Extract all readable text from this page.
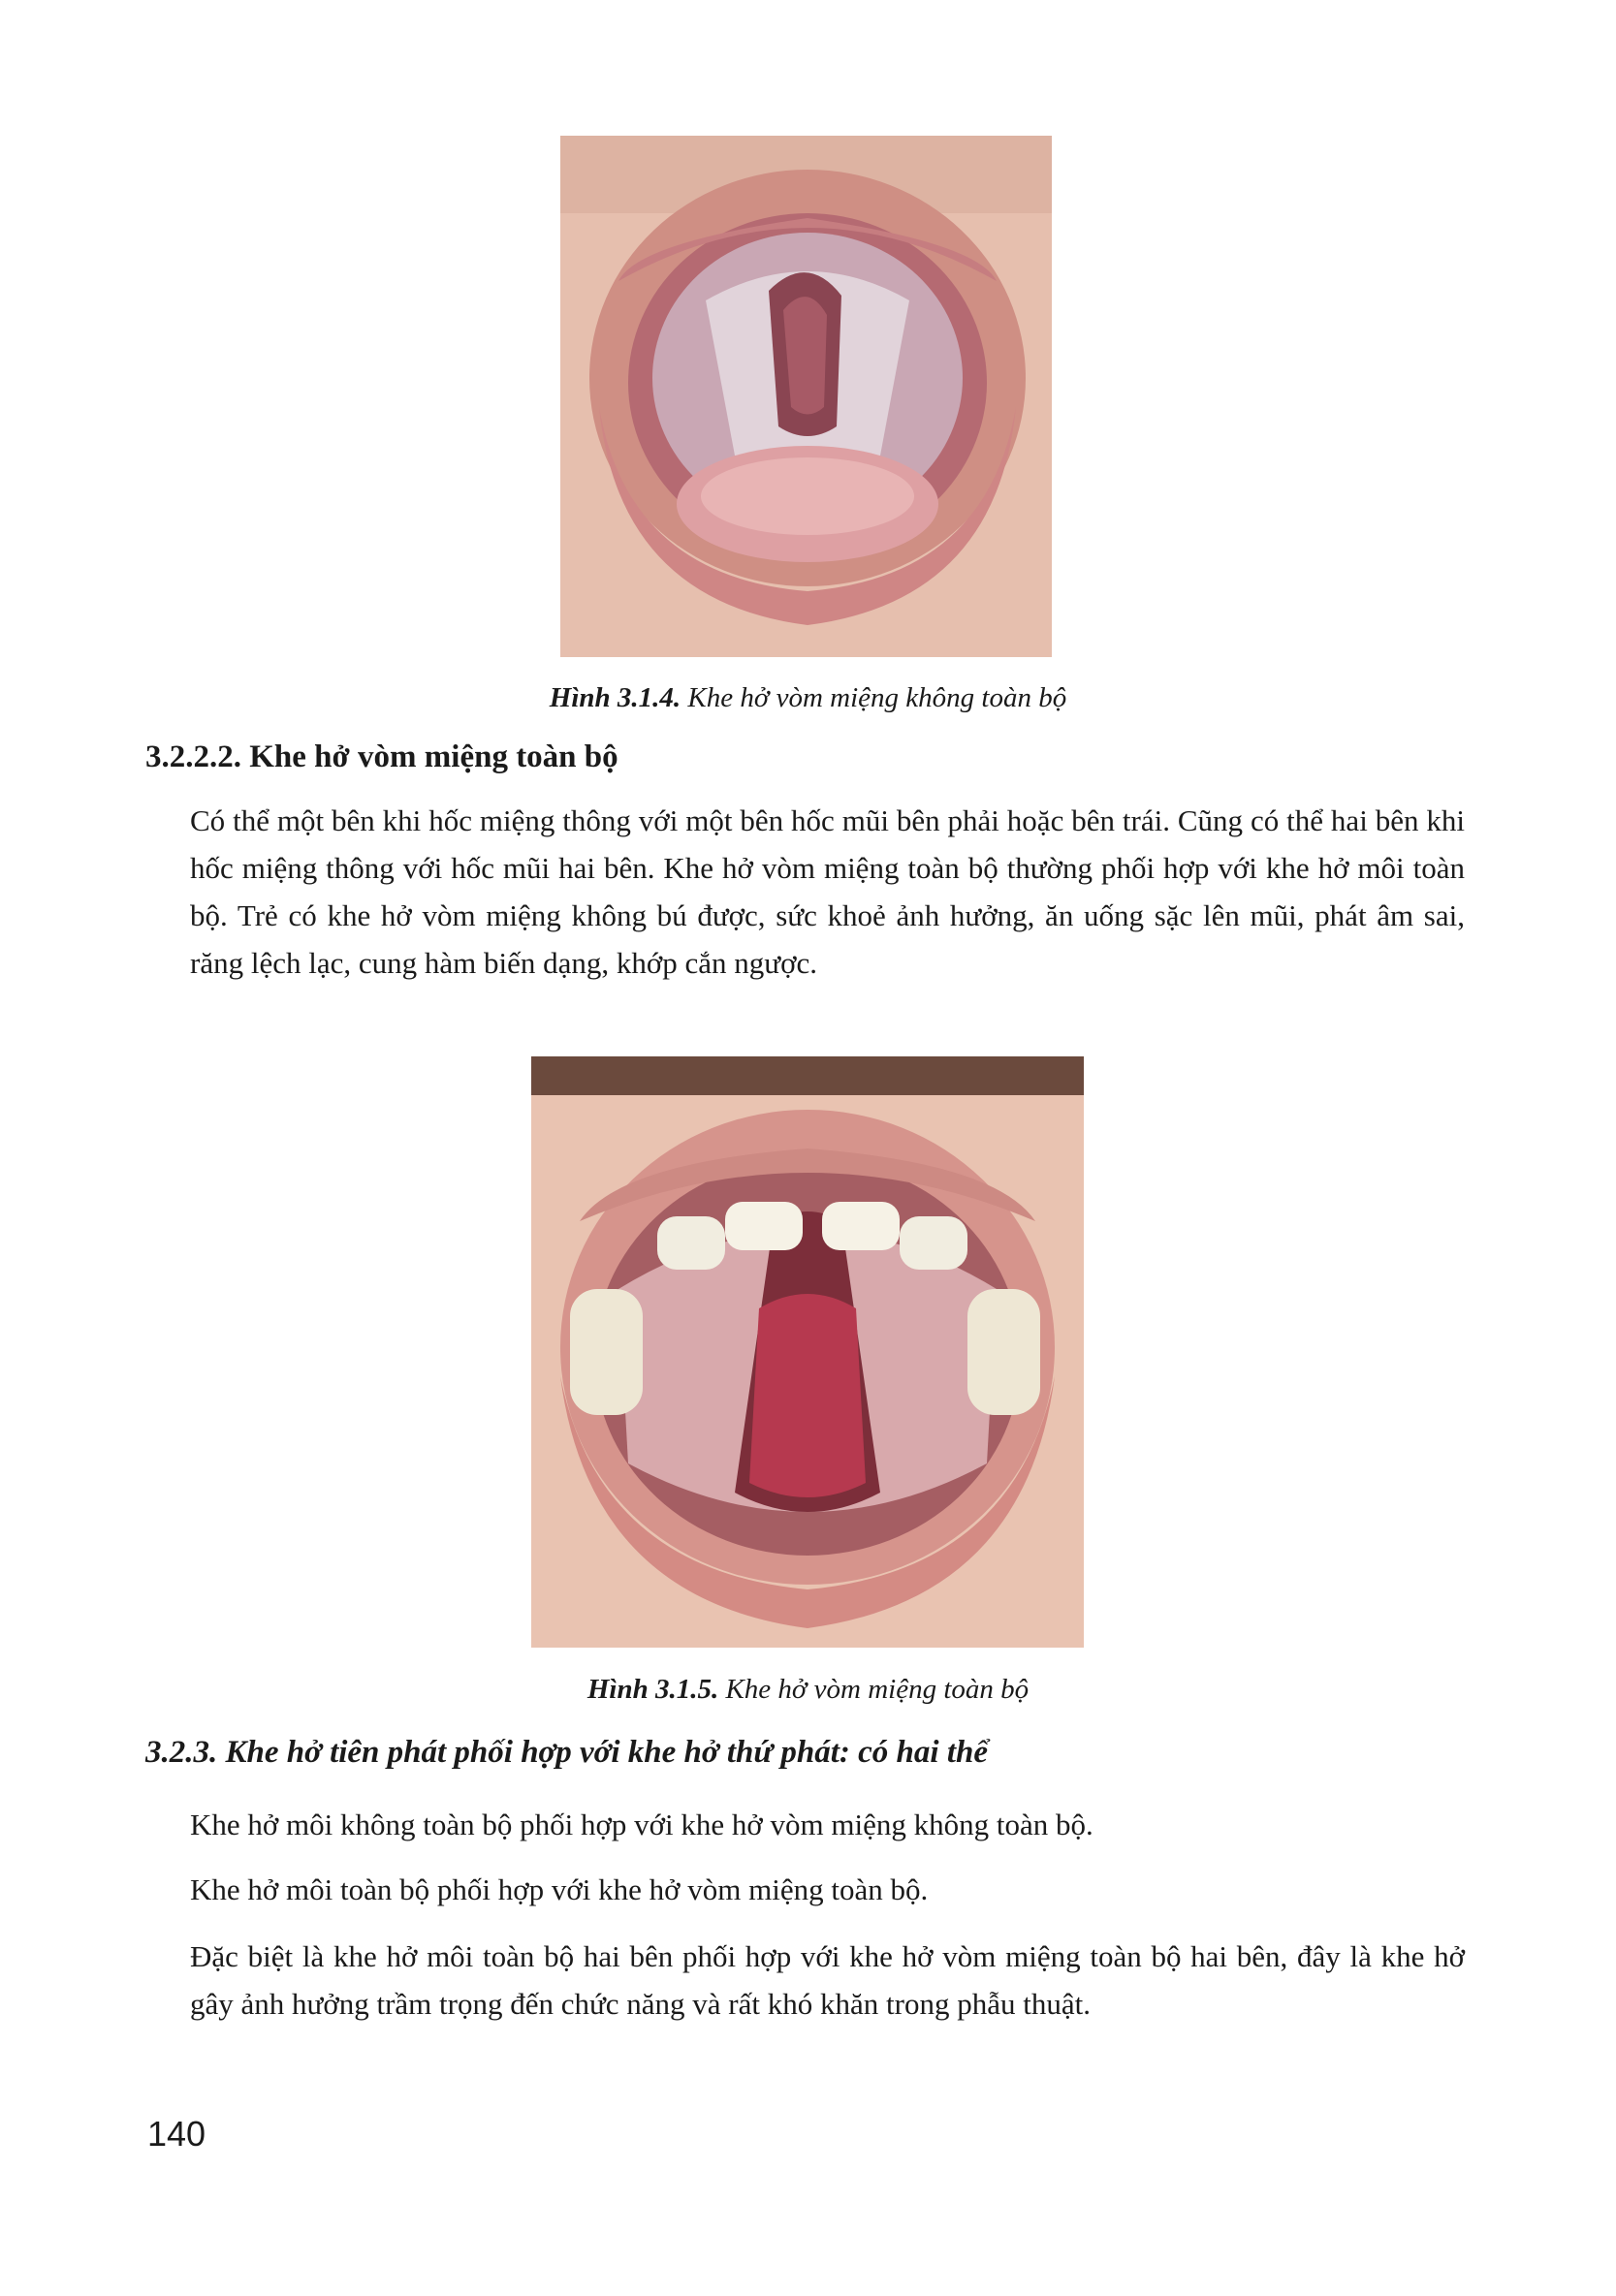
Hình 3.1.4. Khe hở vòm miệng không toàn bộ
3.2.2.2. Khe hở vòm miệng toàn bộ

Có thể một bên khi hốc miệng thông với một bên hốc mũi bên phải hoặc bên trái. Cũng có thể hai bên khi hốc miệng thông với hốc mũi hai bên. Khe hở vòm miệng toàn bộ thường phối hợp với khe hở môi toàn bộ. Trẻ có khe hở vòm miệng không bú được, sức khoẻ ảnh hưởng, ăn uống sặc lên mũi, phát âm sai, răng lệch lạc, cung hàm biến dạng, khớp cắn ngược.

Hình 3.1.5. Khe hở vòm miệng toàn bộ
3.2.3. Khe hở tiên phát phối hợp với khe hở thứ phát: có hai thể

Khe hở môi không toàn bộ phối hợp với khe hở vòm miệng không toàn bộ.

Khe hở môi toàn bộ phối hợp với khe hở vòm miệng toàn bộ.

Đặc biệt là khe hở môi toàn bộ hai bên phối hợp với khe hở vòm miệng toàn bộ hai bên, đây là khe hở gây ảnh hưởng trầm trọng đến chức năng và rất khó khăn trong phẫu thuật.

140
